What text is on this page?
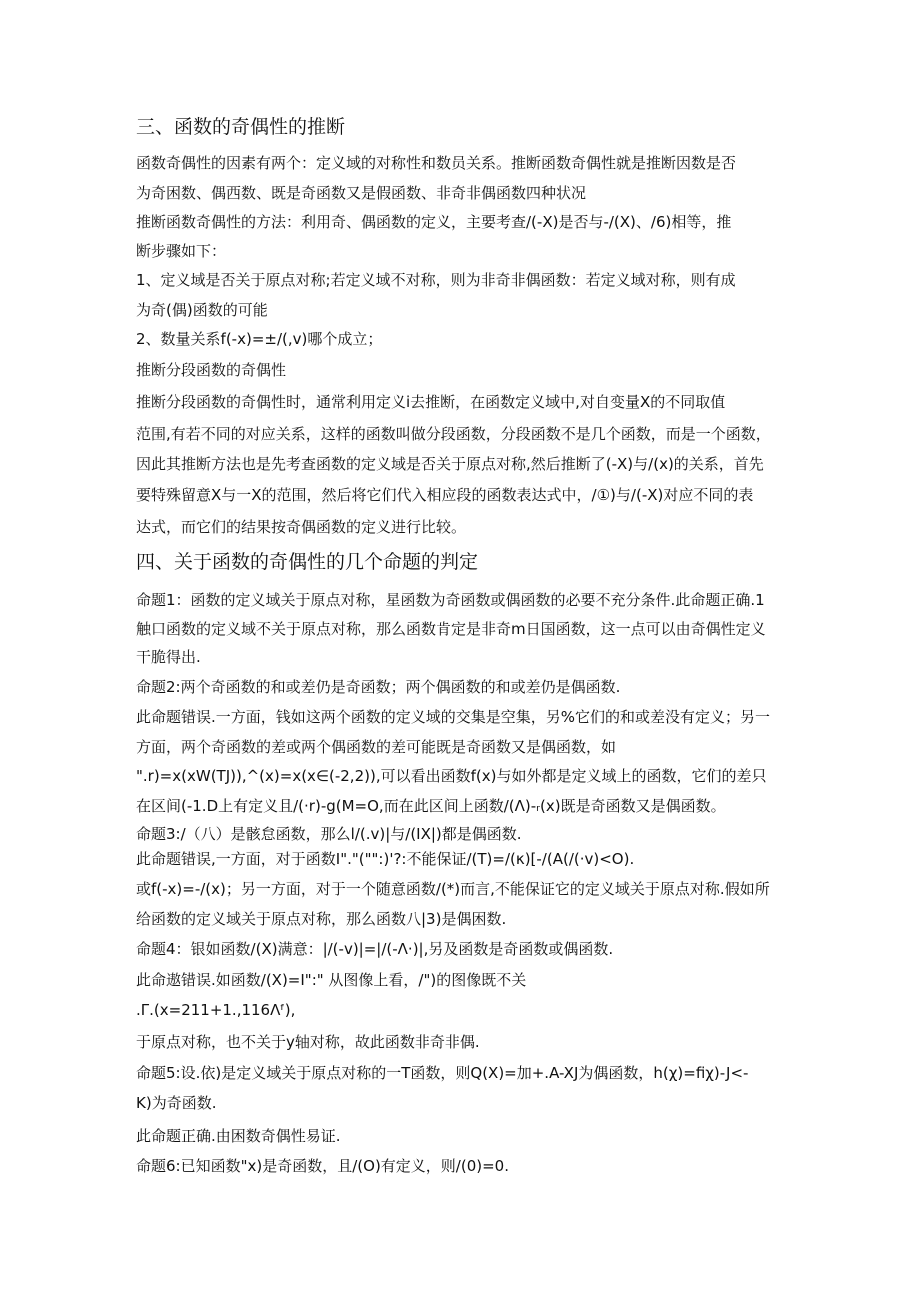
三、函数的奇偶性的推断
函数奇偶性的因素有两个：定义域的对称性和数员关系。推断函数奇偶性就是推断因数是否
为奇困数、偶西数、既是奇函数又是假函数、非奇非偶函数四种状况
推断函数奇偶性的方法：利用奇、偶函数的定义，主要考查/(-X)是否与-/(X)、/6)相等，推
断步骤如下：
1、定义域是否关于原点对称;若定义域不对称，则为非奇非偶函数：若定义域对称，则有成
为奇(偶)函数的可能
2、数量关系f(-x)=±/(,v)哪个成立；
推断分段函数的奇偶性
推断分段函数的奇偶性时，通常利用定义i去推断，在函数定义域中,对自变量X的不同取值
范围,有若不同的对应关系，这样的函数叫做分段函数，分段函数不是几个函数，而是一个函数，
因此其推断方法也是先考查函数的定义域是否关于原点对称,然后推断了(-X)与/(x)的关系，首先
要特殊留意X与一X的范围，然后将它们代入相应段的函数表达式中，/①)与/(-X)对应不同的表
达式，而它们的结果按奇偶函数的定义进行比较。
四、关于函数的奇偶性的几个命题的判定
命题1：函数的定义域关于原点对称，星函数为奇函数或偶函数的必要不充分条件.此命题正确.1
触口函数的定义域不关于原点对称，那么函数肯定是非奇m日国函数，这一点可以由奇偶性定义
干脆得出.
命题2:两个奇函数的和或差仍是奇函数；两个偶函数的和或差仍是偶函数.
此命题错误.一方面，钱如这两个函数的定义域的交集是空集，另%它们的和或差没有定义；另一
方面，两个奇函数的差或两个偶函数的差可能既是奇函数又是偶函数，如
".r)=x(xW(TJ)),^(x)=x(x∈(-2,2)),可以看出函数f(x)与如外都是定义域上的函数，它们的差只
在区间(-1.D上有定义且/(·r)-g(M=O,而在此区间上函数/(Λ)-ᵣ(x)既是奇函数又是偶函数。
命题3:/（八）是骸怠函数，那么l/(.v)|与/(IX|)都是偶函数.
此命题错误,一方面，对于函数I"."("":)'?:不能保证/(T)=/(κ)[-/(A(/(·v)<O).
或f(-x)=-/(x)；另一方面，对于一个随意函数/(*)而言,不能保证它的定义域关于原点对称.假如所
给函数的定义域关于原点对称，那么函数八|3)是偶困数.
命题4：银如函数/(X)满意：|/(-v)|=|/(-Λ·)|,另及函数是奇函数或偶函数.
此命遨错误.如函数/(X)=I":" 从图像上看，/")的图像既不关
.Γ.(x=211+1.,116Λᶠ),
于原点对称，也不关于y轴对称，故此函数非奇非偶.
命题5:设.依)是定义域关于原点对称的一T函数，则Q(X)=加+.A-XJ为偶函数，h(χ)=fiχ)-J<-
K)为奇函数.
此命题正确.由困数奇偶性易证.
命题6:已知函数"x)是奇函数，且/(O)有定义，则/(0)=0.
